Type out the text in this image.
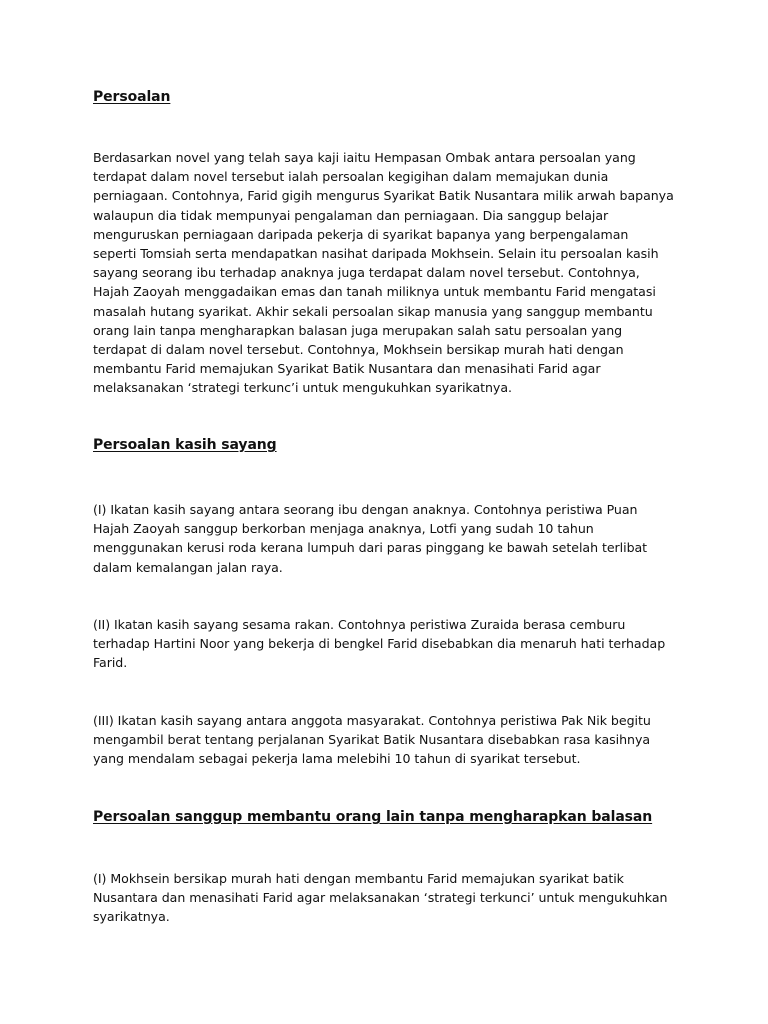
Persoalan

Berdasarkan novel yang telah saya kaji iaitu Hempasan Ombak antara persoalan yang terdapat dalam novel tersebut ialah persoalan kegigihan dalam memajukan dunia perniagaan. Contohnya, Farid gigih mengurus Syarikat Batik Nusantara milik arwah bapanya walaupun dia tidak mempunyai pengalaman dan perniagaan. Dia sanggup belajar menguruskan perniagaan daripada pekerja di syarikat bapanya yang berpengalaman seperti Tomsiah serta mendapatkan nasihat daripada Mokhsein. Selain itu persoalan kasih sayang seorang ibu terhadap anaknya juga terdapat dalam novel tersebut. Contohnya, Hajah Zaoyah menggadaikan emas dan tanah miliknya untuk membantu Farid mengatasi masalah hutang syarikat. Akhir sekali persoalan sikap manusia yang sanggup membantu orang lain tanpa mengharapkan balasan juga merupakan salah satu persoalan yang terdapat di dalam novel tersebut. Contohnya, Mokhsein bersikap murah hati dengan membantu Farid memajukan Syarikat Batik Nusantara dan menasihati Farid agar melaksanakan ‘strategi terkunc’i untuk mengukuhkan syarikatnya.

Persoalan kasih sayang

(I) Ikatan kasih sayang antara seorang ibu dengan anaknya. Contohnya peristiwa Puan Hajah Zaoyah sanggup berkorban menjaga anaknya, Lotfi yang sudah 10 tahun menggunakan kerusi roda kerana lumpuh dari paras pinggang ke bawah setelah terlibat dalam kemalangan jalan raya.

(II) Ikatan kasih sayang sesama rakan. Contohnya peristiwa Zuraida berasa cemburu terhadap Hartini Noor yang bekerja di bengkel Farid disebabkan dia menaruh hati terhadap Farid.

(III) Ikatan kasih sayang antara anggota masyarakat. Contohnya peristiwa Pak Nik begitu mengambil berat tentang perjalanan Syarikat Batik Nusantara disebabkan rasa kasihnya yang mendalam sebagai pekerja lama melebihi 10 tahun di syarikat tersebut.

Persoalan sanggup membantu orang lain tanpa mengharapkan balasan

(I) Mokhsein bersikap murah hati dengan membantu Farid memajukan syarikat batik Nusantara dan menasihati Farid agar melaksanakan ‘strategi terkunci’ untuk mengukuhkan syarikatnya.
